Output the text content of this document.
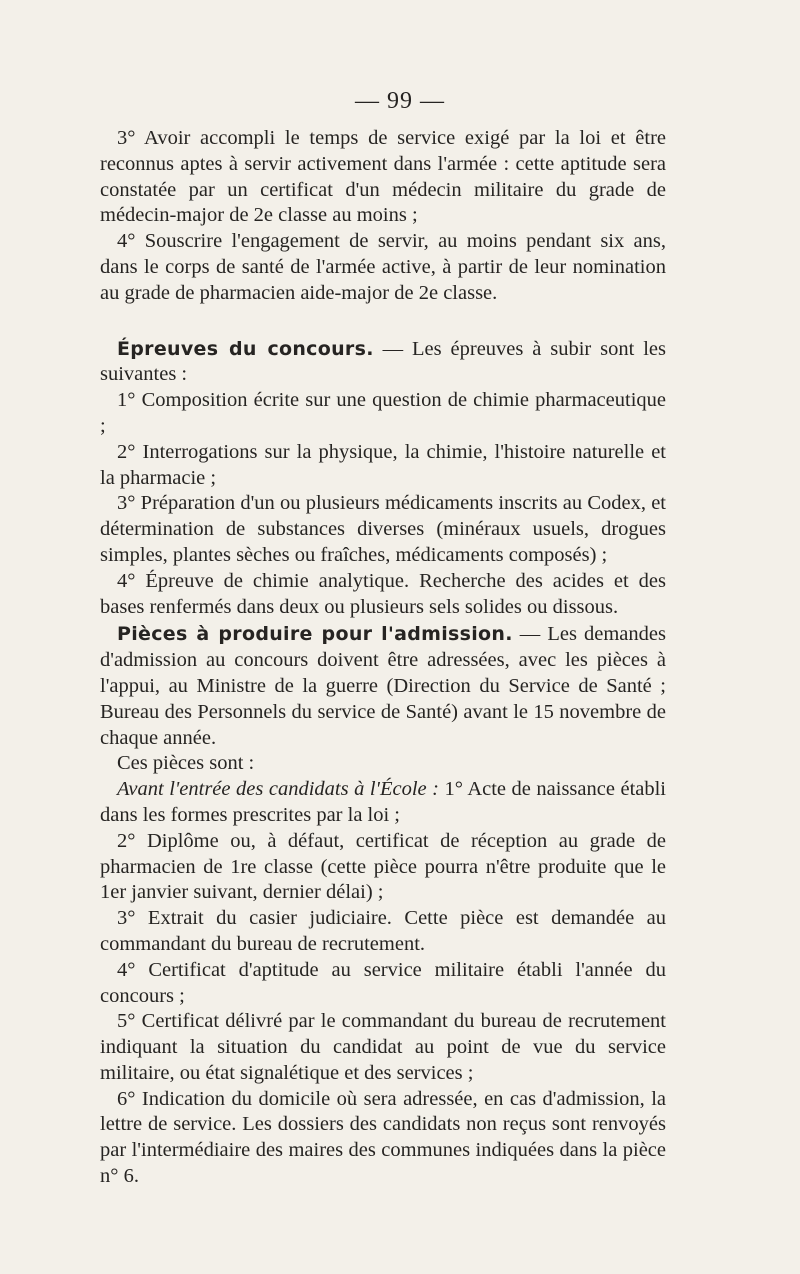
— 99 —

3° Avoir accompli le temps de service exigé par la loi et être reconnus aptes à servir activement dans l'armée : cette aptitude sera constatée par un certificat d'un médecin militaire du grade de médecin-major de 2e classe au moins ;

4° Souscrire l'engagement de servir, au moins pendant six ans, dans le corps de santé de l'armée active, à partir de leur nomination au grade de pharmacien aide-major de 2e classe.

Épreuves du concours. — Les épreuves à subir sont les suivantes :

1° Composition écrite sur une question de chimie pharmaceutique ;

2° Interrogations sur la physique, la chimie, l'histoire naturelle et la pharmacie ;

3° Préparation d'un ou plusieurs médicaments inscrits au Codex, et détermination de substances diverses (minéraux usuels, drogues simples, plantes sèches ou fraîches, médicaments composés) ;

4° Épreuve de chimie analytique. Recherche des acides et des bases renfermés dans deux ou plusieurs sels solides ou dissous.

Pièces à produire pour l'admission. — Les demandes d'admission au concours doivent être adressées, avec les pièces à l'appui, au Ministre de la guerre (Direction du Service de Santé ; Bureau des Personnels du service de Santé) avant le 15 novembre de chaque année.

Ces pièces sont :

Avant l'entrée des candidats à l'École : 1° Acte de naissance établi dans les formes prescrites par la loi ;

2° Diplôme ou, à défaut, certificat de réception au grade de pharmacien de 1re classe (cette pièce pourra n'être produite que le 1er janvier suivant, dernier délai) ;

3° Extrait du casier judiciaire. Cette pièce est demandée au commandant du bureau de recrutement.

4° Certificat d'aptitude au service militaire établi l'année du concours ;

5° Certificat délivré par le commandant du bureau de recrutement indiquant la situation du candidat au point de vue du service militaire, ou état signalétique et des services ;

6° Indication du domicile où sera adressée, en cas d'admission, la lettre de service. Les dossiers des candidats non reçus sont renvoyés par l'intermédiaire des maires des communes indiquées dans la pièce n° 6.
